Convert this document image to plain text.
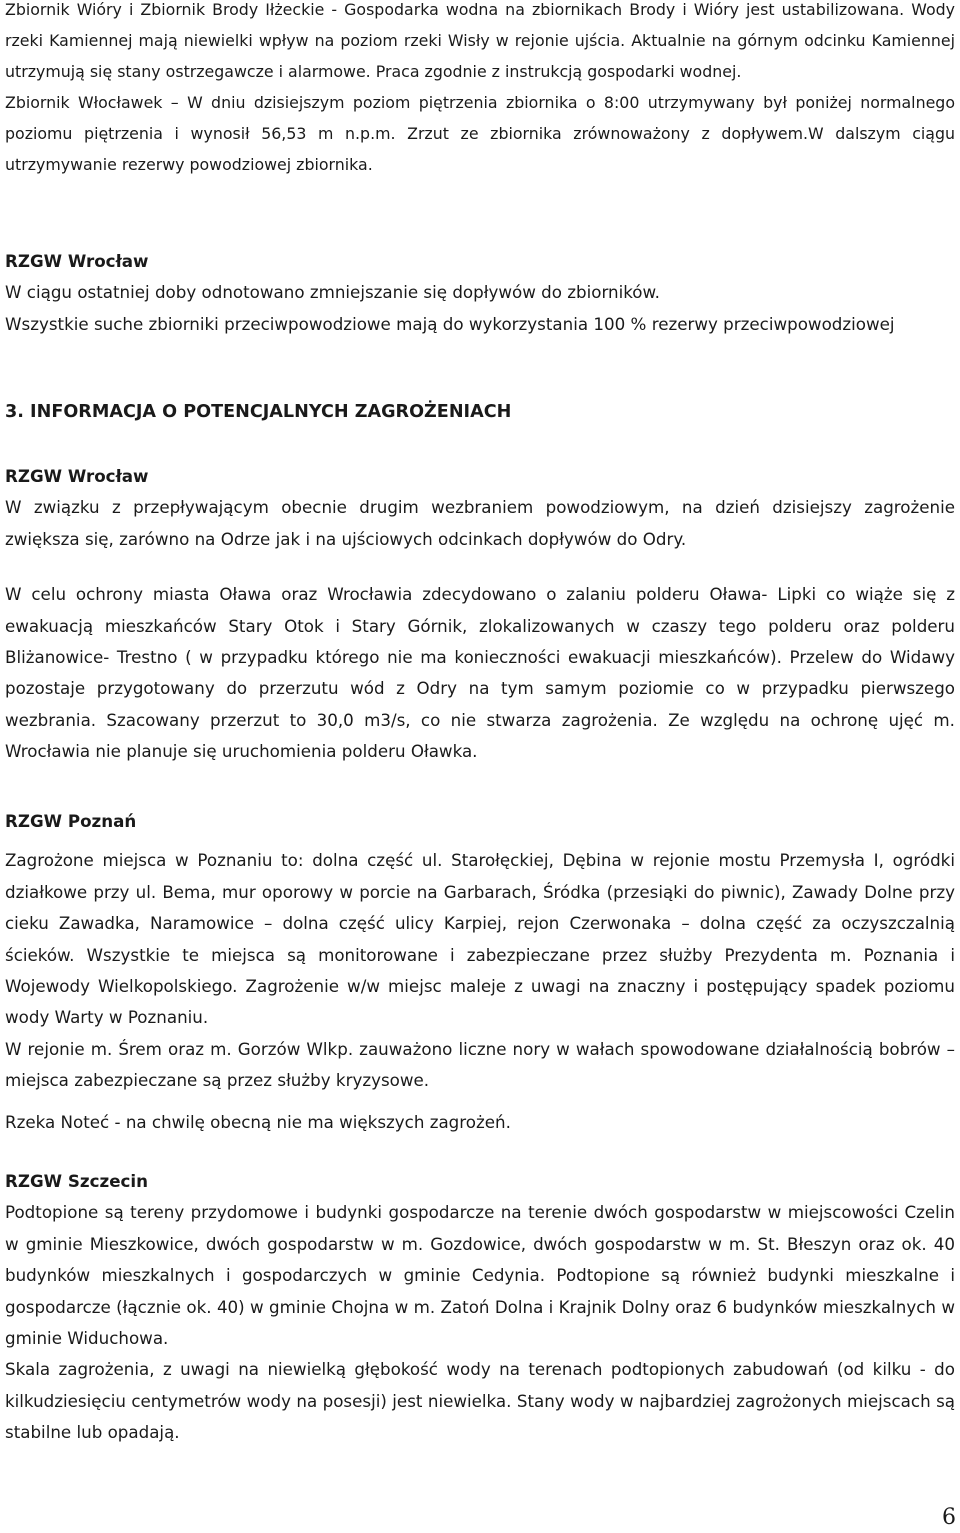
Zbiornik Wióry i Zbiornik Brody Iłżeckie - Gospodarka wodna na zbiornikach Brody i Wióry jest ustabilizowana. Wody rzeki Kamiennej mają niewielki wpływ na poziom rzeki Wisły w rejonie ujścia. Aktualnie na górnym odcinku Kamiennej utrzymują się stany ostrzegawcze i alarmowe. Praca zgodnie z instrukcją gospodarki wodnej.

Zbiornik Włocławek – W dniu dzisiejszym poziom piętrzenia zbiornika o 8:00 utrzymywany był poniżej normalnego poziomu piętrzenia i wynosił 56,53 m n.p.m. Zrzut ze zbiornika zrównoważony z dopływem.W dalszym ciągu utrzymywanie rezerwy powodziowej zbiornika.

RZGW Wrocław

W ciągu ostatniej doby odnotowano zmniejszanie się dopływów do zbiorników.

Wszystkie suche zbiorniki przeciwpowodziowe mają do wykorzystania 100 % rezerwy przeciwpowodziowej

3. INFORMACJA O POTENCJALNYCH ZAGROŻENIACH

RZGW Wrocław

W związku z przepływającym obecnie drugim wezbraniem powodziowym, na dzień dzisiejszy zagrożenie zwiększa się, zarówno na Odrze jak i na ujściowych odcinkach dopływów do Odry.

W celu ochrony miasta Oława oraz Wrocławia zdecydowano o zalaniu polderu Oława- Lipki co wiąże się z ewakuacją mieszkańców Stary Otok i Stary Górnik, zlokalizowanych w czaszy tego polderu oraz polderu Bliżanowice- Trestno ( w przypadku którego nie ma konieczności ewakuacji mieszkańców). Przelew do Widawy pozostaje przygotowany do przerzutu wód z Odry na tym samym poziomie co w przypadku pierwszego wezbrania. Szacowany przerzut to 30,0 m3/s, co nie stwarza zagrożenia. Ze względu na ochronę ujęć m. Wrocławia nie planuje się uruchomienia polderu Oławka.

RZGW Poznań

Zagrożone miejsca w Poznaniu to: dolna część ul. Starołęckiej, Dębina w rejonie mostu Przemysła I, ogródki działkowe przy ul. Bema, mur oporowy w porcie na Garbarach, Śródka (przesiąki do piwnic), Zawady Dolne przy cieku Zawadka, Naramowice – dolna część ulicy Karpiej, rejon Czerwonaka – dolna część za oczyszczalnią ścieków. Wszystkie te miejsca są monitorowane i zabezpieczane przez służby Prezydenta m. Poznania i Wojewody Wielkopolskiego. Zagrożenie w/w miejsc maleje z uwagi na znaczny i postępujący spadek poziomu wody Warty w Poznaniu.

W rejonie m. Śrem oraz m. Gorzów Wlkp. zauważono liczne nory w wałach spowodowane działalnością bobrów – miejsca zabezpieczane są przez służby kryzysowe.

Rzeka Noteć - na chwilę obecną nie ma większych zagrożeń.

RZGW Szczecin

Podtopione są tereny przydomowe i budynki gospodarcze na terenie dwóch gospodarstw w miejscowości Czelin w gminie Mieszkowice, dwóch gospodarstw w m. Gozdowice, dwóch gospodarstw w m. St. Błeszyn oraz ok. 40 budynków mieszkalnych i gospodarczych w gminie Cedynia. Podtopione są również budynki mieszkalne i gospodarcze (łącznie ok. 40) w gminie Chojna w m. Zatoń Dolna i Krajnik Dolny oraz 6 budynków mieszkalnych w gminie Widuchowa.

Skala zagrożenia, z uwagi na niewielką głębokość wody na terenach podtopionych zabudowań (od kilku - do kilkudziesięciu centymetrów wody na posesji) jest niewielka. Stany wody w najbardziej zagrożonych miejscach są stabilne lub opadają.

6
